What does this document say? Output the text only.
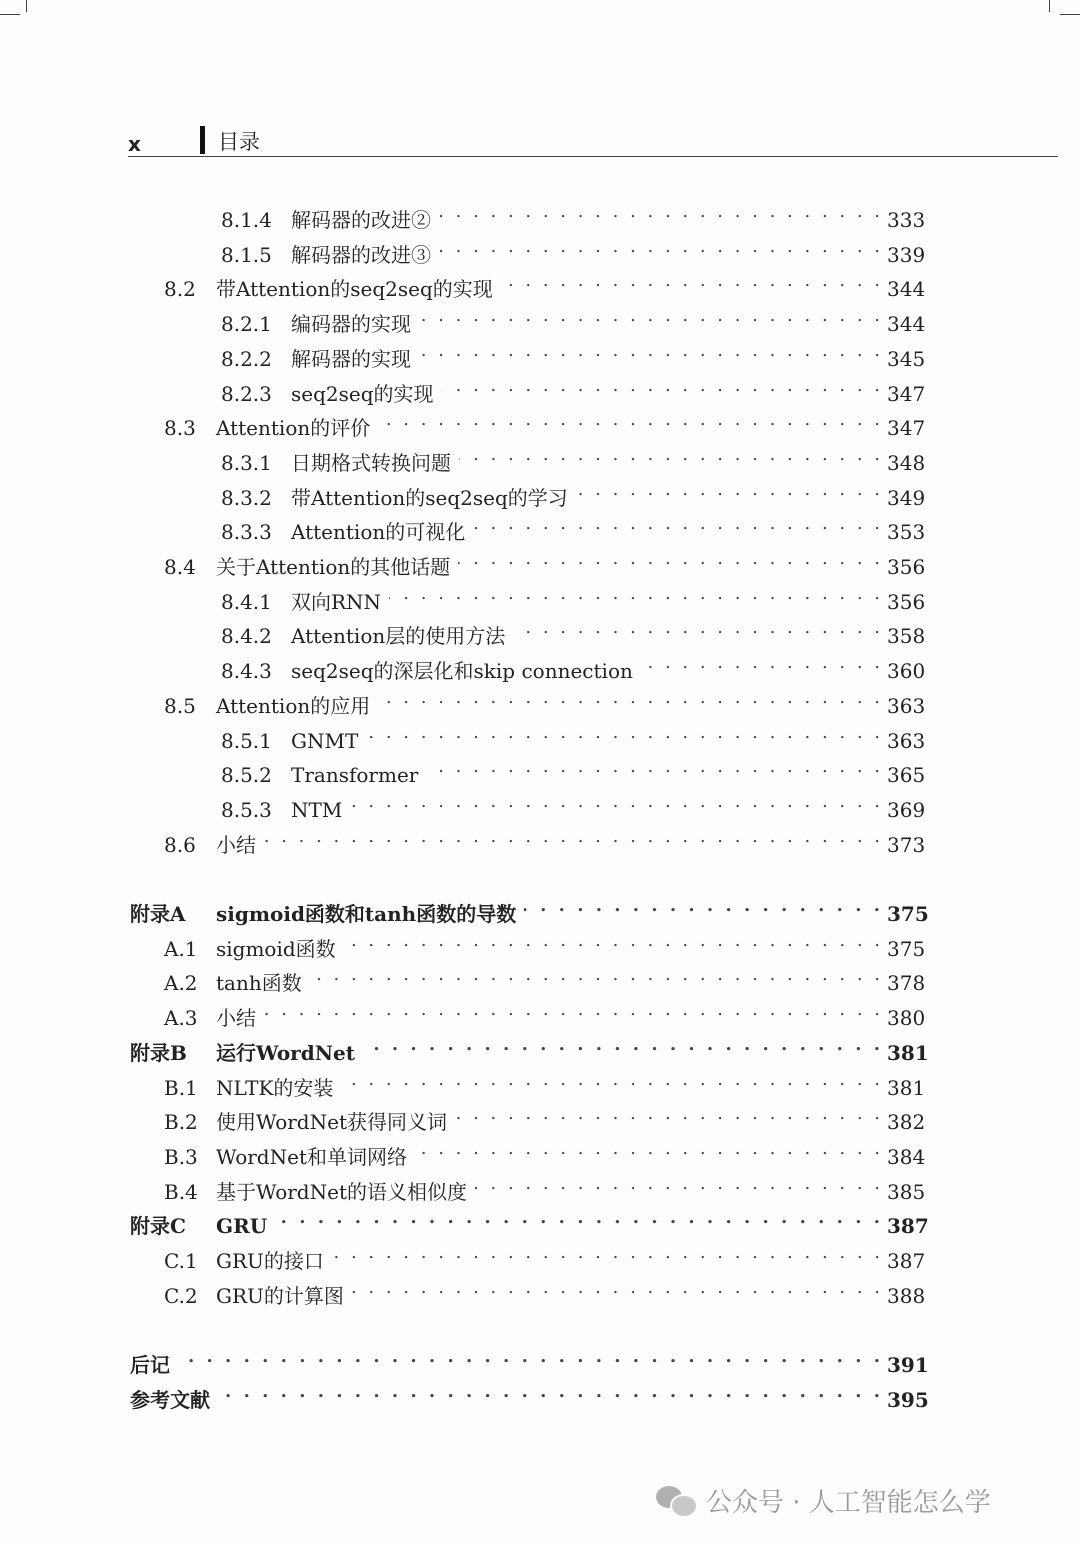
x	目录
8.1.4 解码器的改进② . . .	333
8.1.5 解码器的改进③ . . .	339
8.2	带Attention的seq2seq的实现 . . .	344
8.2.1 编码器的实现 . . .	344
8.2.2 解码器的实现 . . .	345
8.2.3 seq2seq的实现 . . .	347
8.3	Attention的评价 . . .	347
8.3.1 日期格式转换问题 . . .	348
8.3.2 带Attention的seq2seq的学习 . . .	349
8.3.3 Attention的可视化 . . .	353
8.4	关于Attention的其他话题 . . .	356
8.4.1 双向RNN . . .	356
8.4.2 Attention层的使用方法 . . .	358
8.4.3 seq2seq的深层化和skip connection . . .	360
8.5	Attention的应用 . . .	363
8.5.1 GNMT . . .	363
8.5.2 Transformer . . .	365
8.5.3 NTM . . .	369
8.6	小结 . . .	373
附录A	sigmoid函数和tanh函数的导数 . . .	375
A.1 sigmoid函数 . . .	375
A.2 tanh函数 . . .	378
A.3 小结 . . .	380
附录B	运行WordNet . . .	381
B.1 NLTK的安装 . . .	381
B.2 使用WordNet获得同义词 . . .	382
B.3 WordNet和单词网络 . . .	384
B.4 基于WordNet的语义相似度 . . .	385
附录C	GRU . . .	387
C.1 GRU的接口 . . .	387
C.2 GRU的计算图 . . .	388
后记 . . .	391
参考文献 . . .	395
公众号 · 人工智能怎么学
